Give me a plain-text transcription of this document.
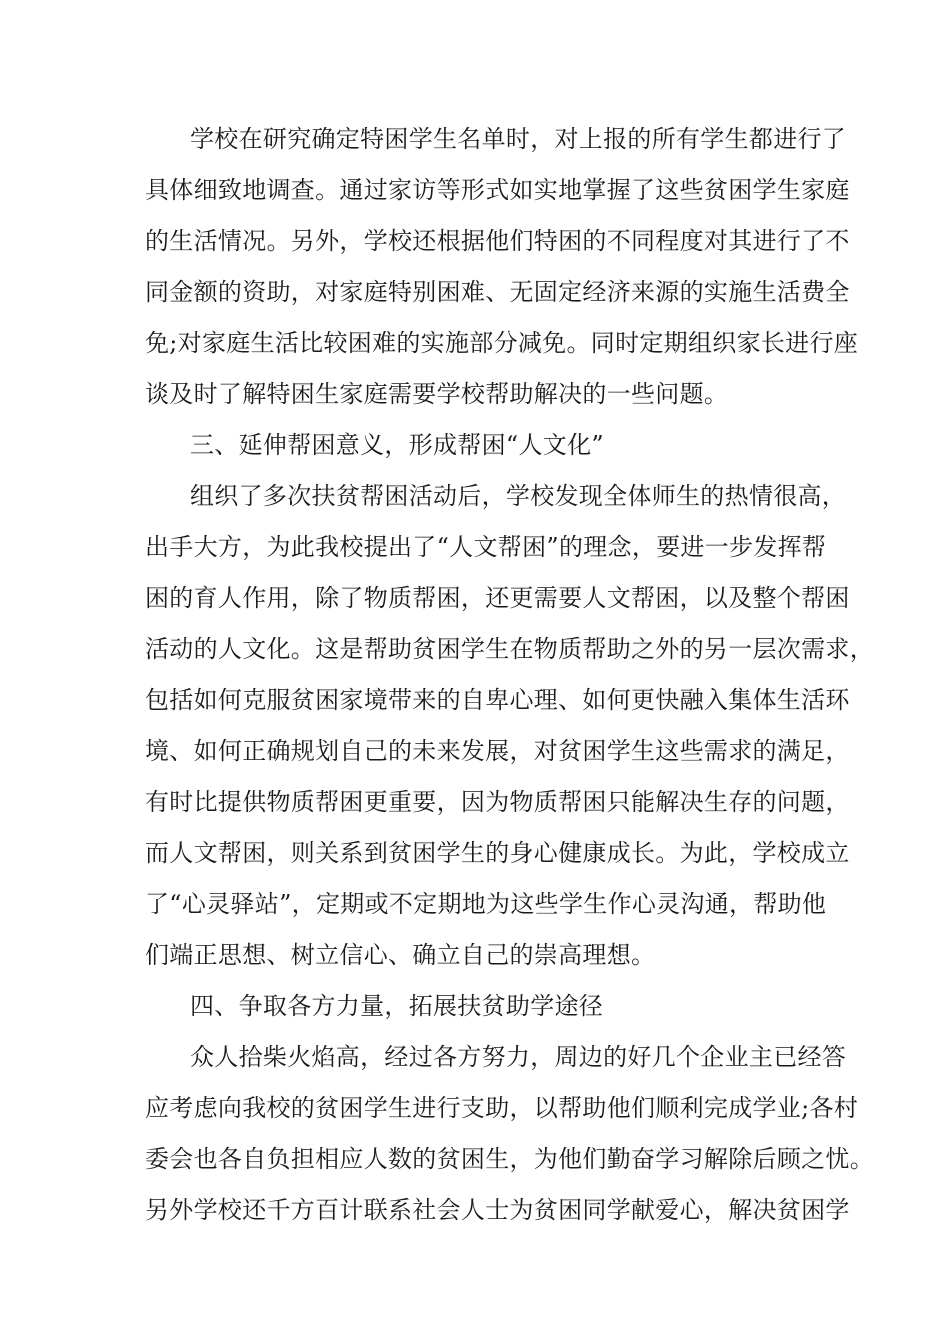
学校在研究确定特困学生名单时，对上报的所有学生都进行了
具体细致地调查。通过家访等形式如实地掌握了这些贫困学生家庭
的生活情况。另外，学校还根据他们特困的不同程度对其进行了不
同金额的资助，对家庭特别困难、无固定经济来源的实施生活费全
免;对家庭生活比较困难的实施部分减免。同时定期组织家长进行座
谈及时了解特困生家庭需要学校帮助解决的一些问题。
三、延伸帮困意义，形成帮困“人文化”
组织了多次扶贫帮困活动后，学校发现全体师生的热情很高，
出手大方，为此我校提出了“人文帮困”的理念，要进一步发挥帮
困的育人作用，除了物质帮困，还更需要人文帮困，以及整个帮困
活动的人文化。这是帮助贫困学生在物质帮助之外的另一层次需求，
包括如何克服贫困家境带来的自卑心理、如何更快融入集体生活环
境、如何正确规划自己的未来发展，对贫困学生这些需求的满足，
有时比提供物质帮困更重要，因为物质帮困只能解决生存的问题，
而人文帮困，则关系到贫困学生的身心健康成长。为此，学校成立
了“心灵驿站”，定期或不定期地为这些学生作心灵沟通，帮助他
们端正思想、树立信心、确立自己的崇高理想。
四、争取各方力量，拓展扶贫助学途径
众人拾柴火焰高，经过各方努力，周边的好几个企业主已经答
应考虑向我校的贫困学生进行支助，以帮助他们顺利完成学业;各村
委会也各自负担相应人数的贫困生，为他们勤奋学习解除后顾之忧。
另外学校还千方百计联系社会人士为贫困同学献爱心，解决贫困学
